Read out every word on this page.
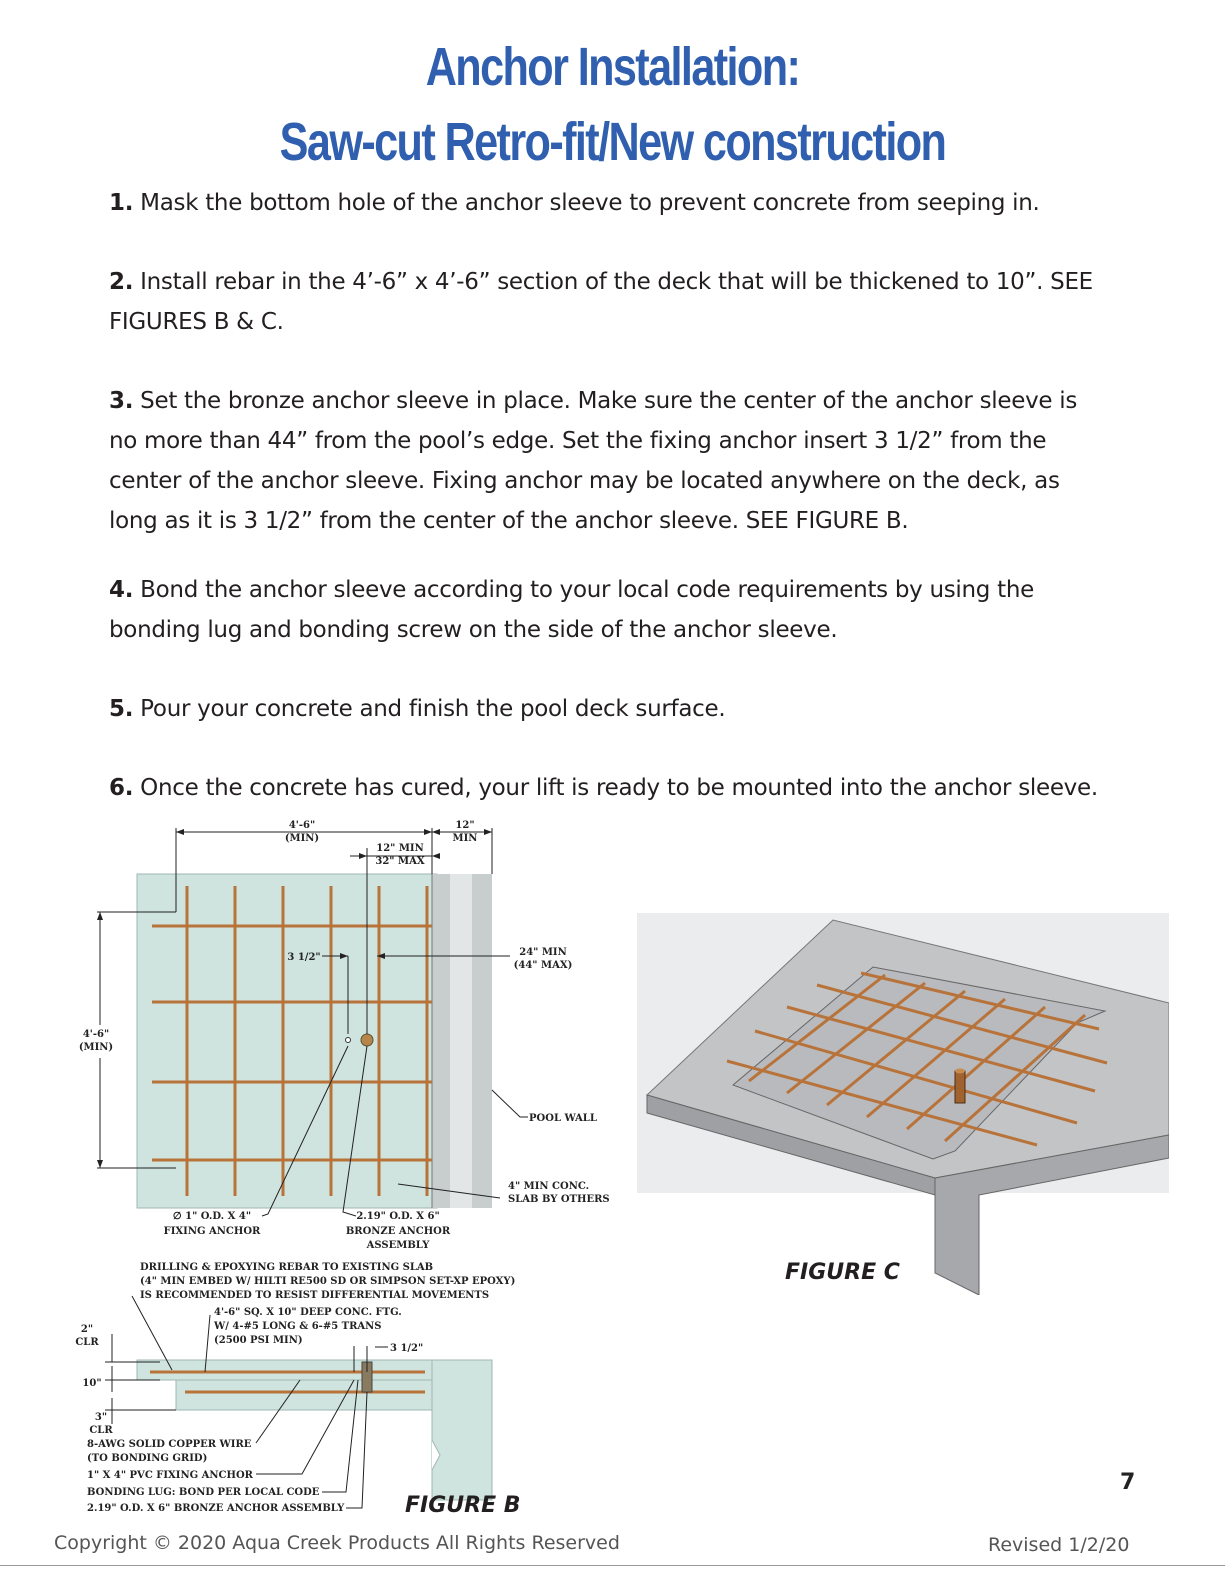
Anchor Installation:
Saw-cut Retro-fit/New construction
1. Mask the bottom hole of the anchor sleeve to prevent concrete from seeping in.
2. Install rebar in the 4’-6” x 4’-6” section of the deck that will be thickened to 10”. SEE FIGURES B & C.
3. Set the bronze anchor sleeve in place. Make sure the center of the anchor sleeve is no more than 44” from the pool’s edge. Set the fixing anchor insert 3 1/2” from the center of the anchor sleeve. Fixing anchor may be located anywhere on the deck, as long as it is 3 1/2” from the center of the anchor sleeve. SEE FIGURE B.
4. Bond the anchor sleeve according to your local code requirements by using the bonding lug and bonding screw on the side of the anchor sleeve.
5. Pour your concrete and finish the pool deck surface.
6. Once the concrete has cured, your lift is ready to be mounted into the anchor sleeve.
4'-6"
(MIN)
12"
MIN
12" MIN
32" MAX
3 1/2"	24" MIN
(44" MAX)
4'-6"
(MIN)
POOL WALL
4" MIN CONC.
SLAB BY OTHERS
∅ 1" O.D. X 4"
FIXING ANCHOR
2.19" O.D. X 6"
BRONZE ANCHOR
ASSEMBLY
DRILLING & EPOXYING REBAR TO EXISTING SLAB
(4" MIN EMBED W/ HILTI RE500 SD OR SIMPSON SET-XP EPOXY)
IS RECOMMENDED TO RESIST DIFFERENTIAL MOVEMENTS
4'-6" SQ. X 10" DEEP CONC. FTG.
W/ 4-#5 LONG & 6-#5 TRANS
(2500 PSI MIN)
2"
CLR
10"
3"
CLR
3 1/2"
8-AWG SOLID COPPER WIRE
(TO BONDING GRID)
1" X 4" PVC FIXING ANCHOR
BONDING LUG: BOND PER LOCAL CODE
2.19" O.D. X 6" BRONZE ANCHOR ASSEMBLY	FIGURE B
FIGURE C
7
Copyright © 2020 Aqua Creek Products All Rights Reserved	Revised 1/2/20
